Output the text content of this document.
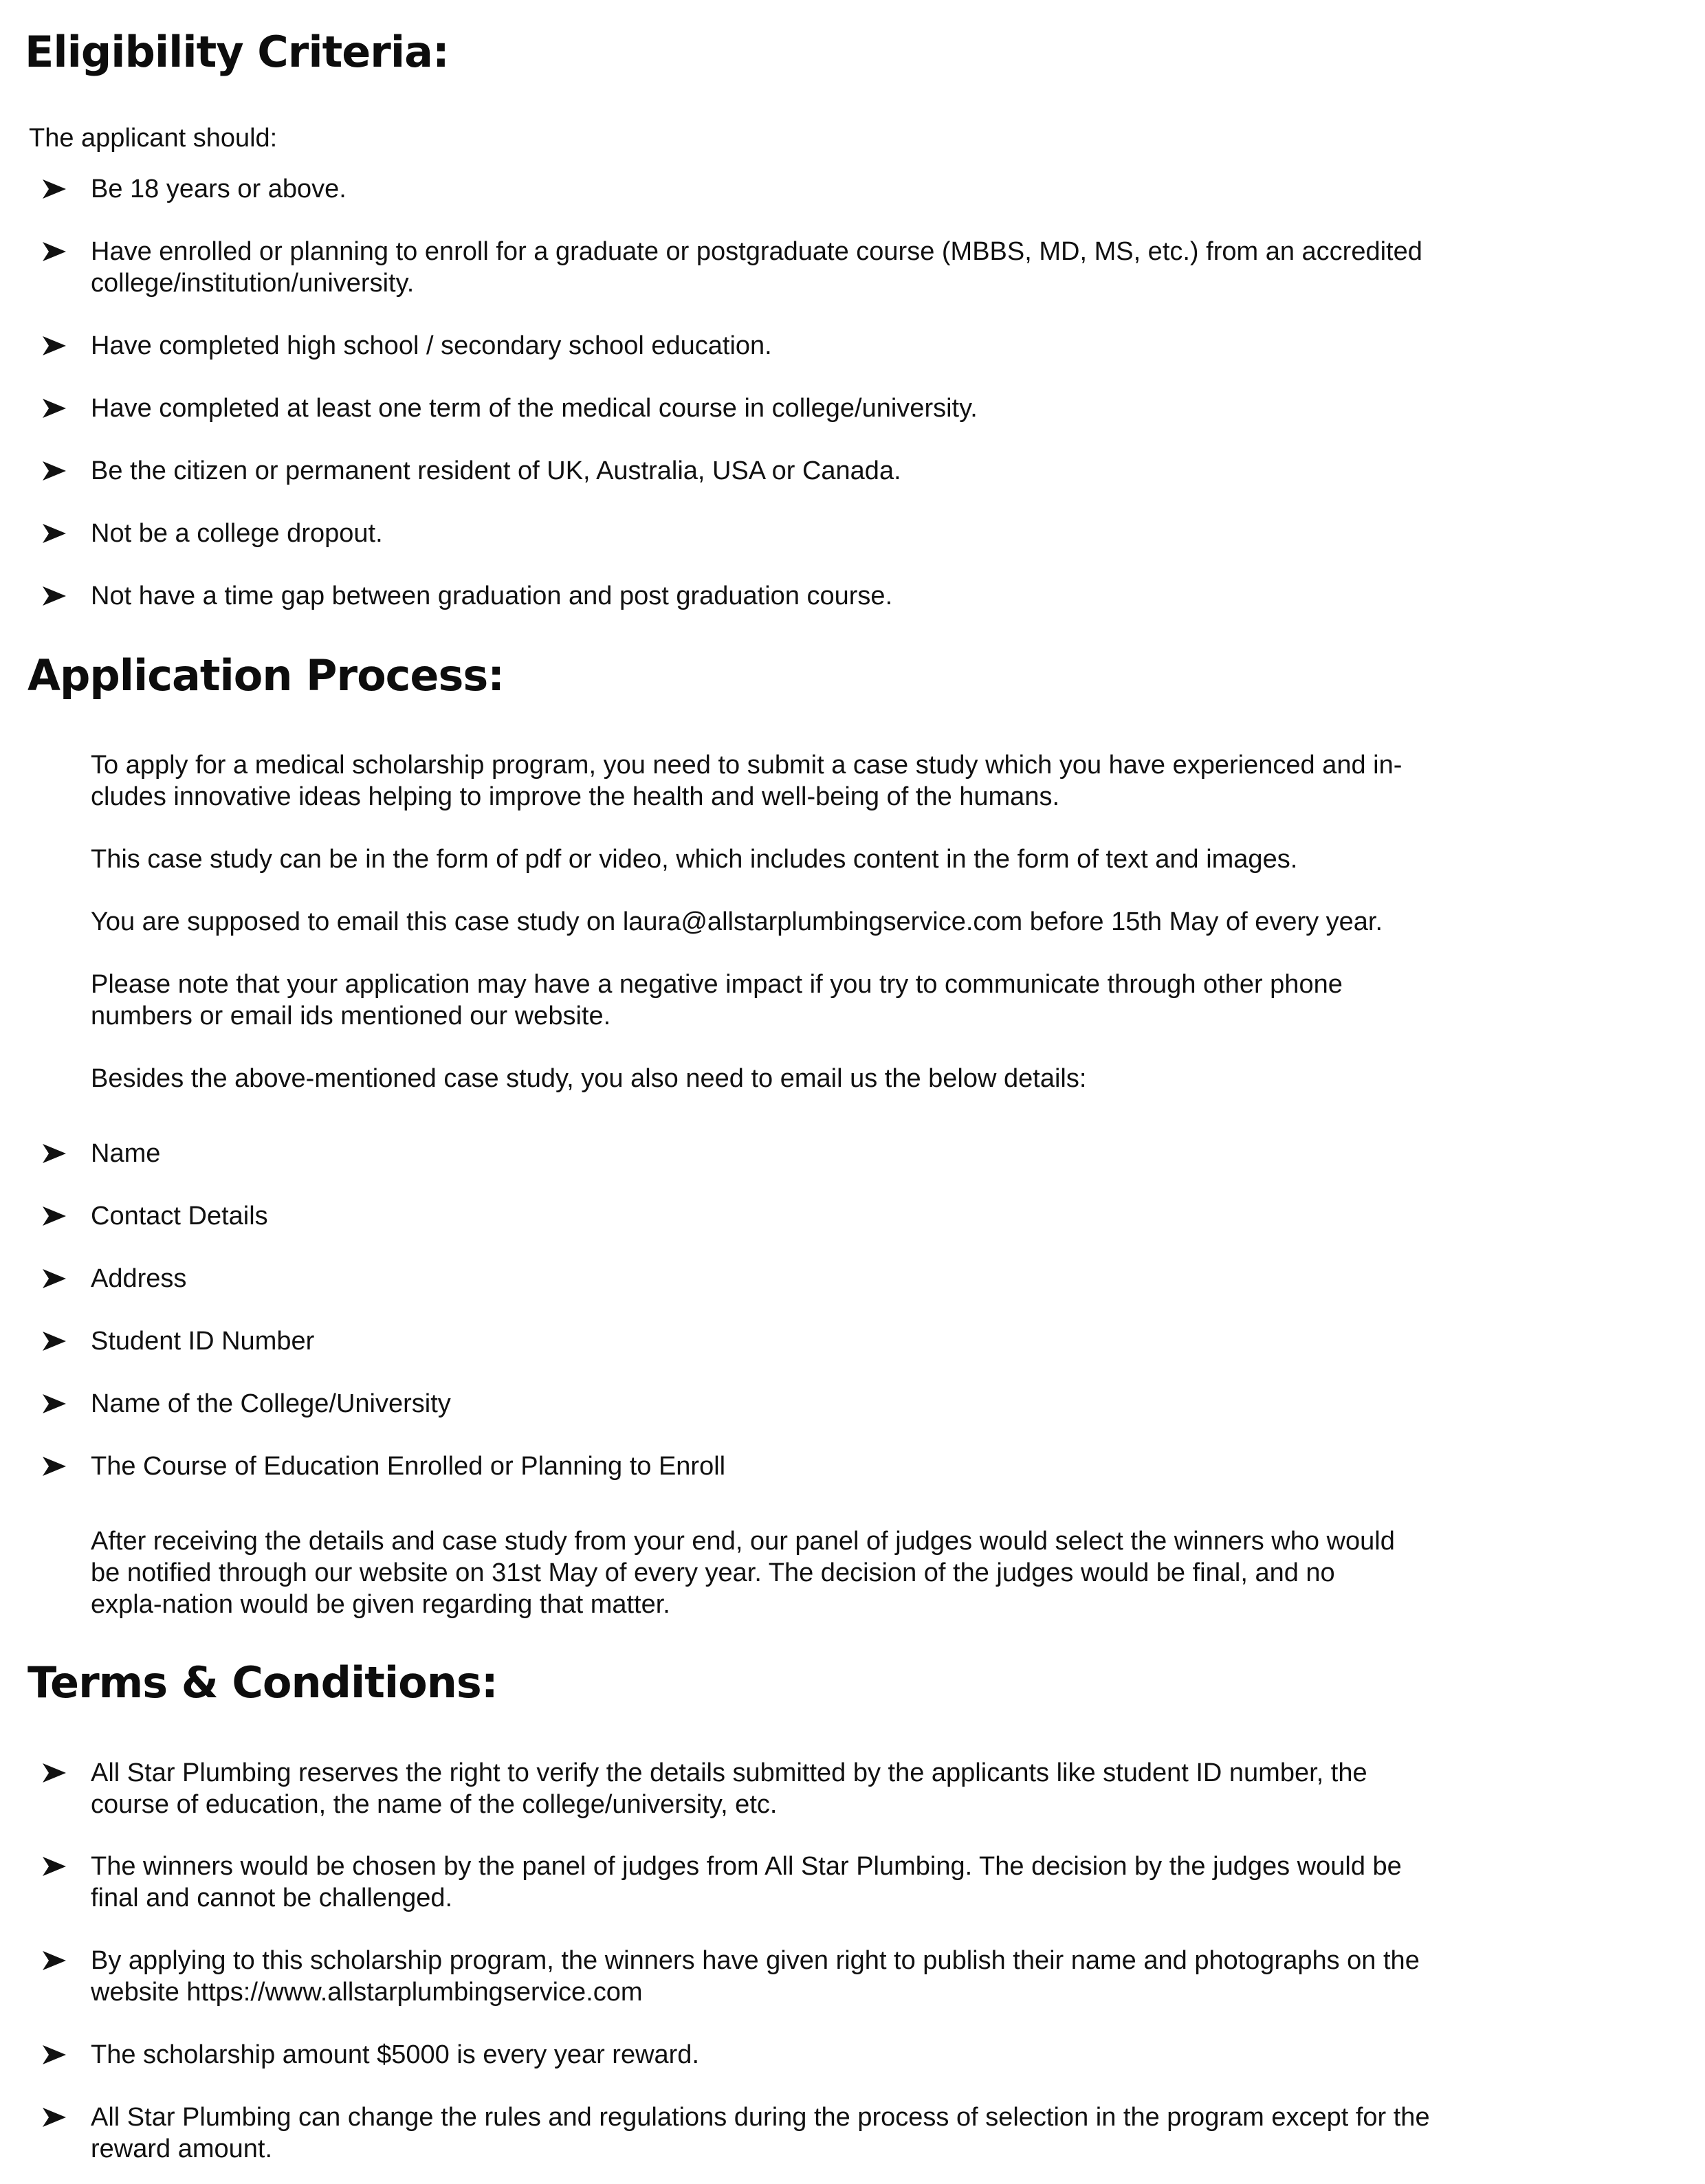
Eligibility Criteria:
The applicant should:
Be 18 years or above.
Have enrolled or planning to enroll for a graduate or postgraduate course (MBBS, MD, MS, etc.) from an accredited college/institution/university.
Have completed high school / secondary school education.
Have completed at least one term of the medical course in college/university.
Be the citizen or permanent resident of UK, Australia, USA or Canada.
Not be a college dropout.
Not have a time gap between graduation and post graduation course.
Application Process:

To apply for a medical scholarship program, you need to submit a case study which you have experienced and in-cludes innovative ideas helping to improve the health and well-being of the humans.

This case study can be in the form of pdf or video, which includes content in the form of text and images.

You are supposed to email this case study on laura@allstarplumbingservice.com before 15th May of every year.

Please note that your application may have a negative impact if you try to communicate through other phone numbers or email ids mentioned our website.

Besides the above-mentioned case study, you also need to email us the below details:

Name
Contact Details
Address
Student ID Number
Name of the College/University
The Course of Education Enrolled or Planning to Enroll

After receiving the details and case study from your end, our panel of judges would select the winners who would be notified through our website on 31st May of every year. The decision of the judges would be final, and no expla-nation would be given regarding that matter.

Terms & Conditions:
All Star Plumbing reserves the right to verify the details submitted by the applicants like student ID number, the course of education, the name of the college/university, etc.
The winners would be chosen by the panel of judges from All Star Plumbing. The decision by the judges would be final and cannot be challenged.
By applying to this scholarship program, the winners have given right to publish their name and photographs on the website https://www.allstarplumbingservice.com
The scholarship amount $5000 is every year reward.
All Star Plumbing can change the rules and regulations during the process of selection in the program except for the reward amount.
